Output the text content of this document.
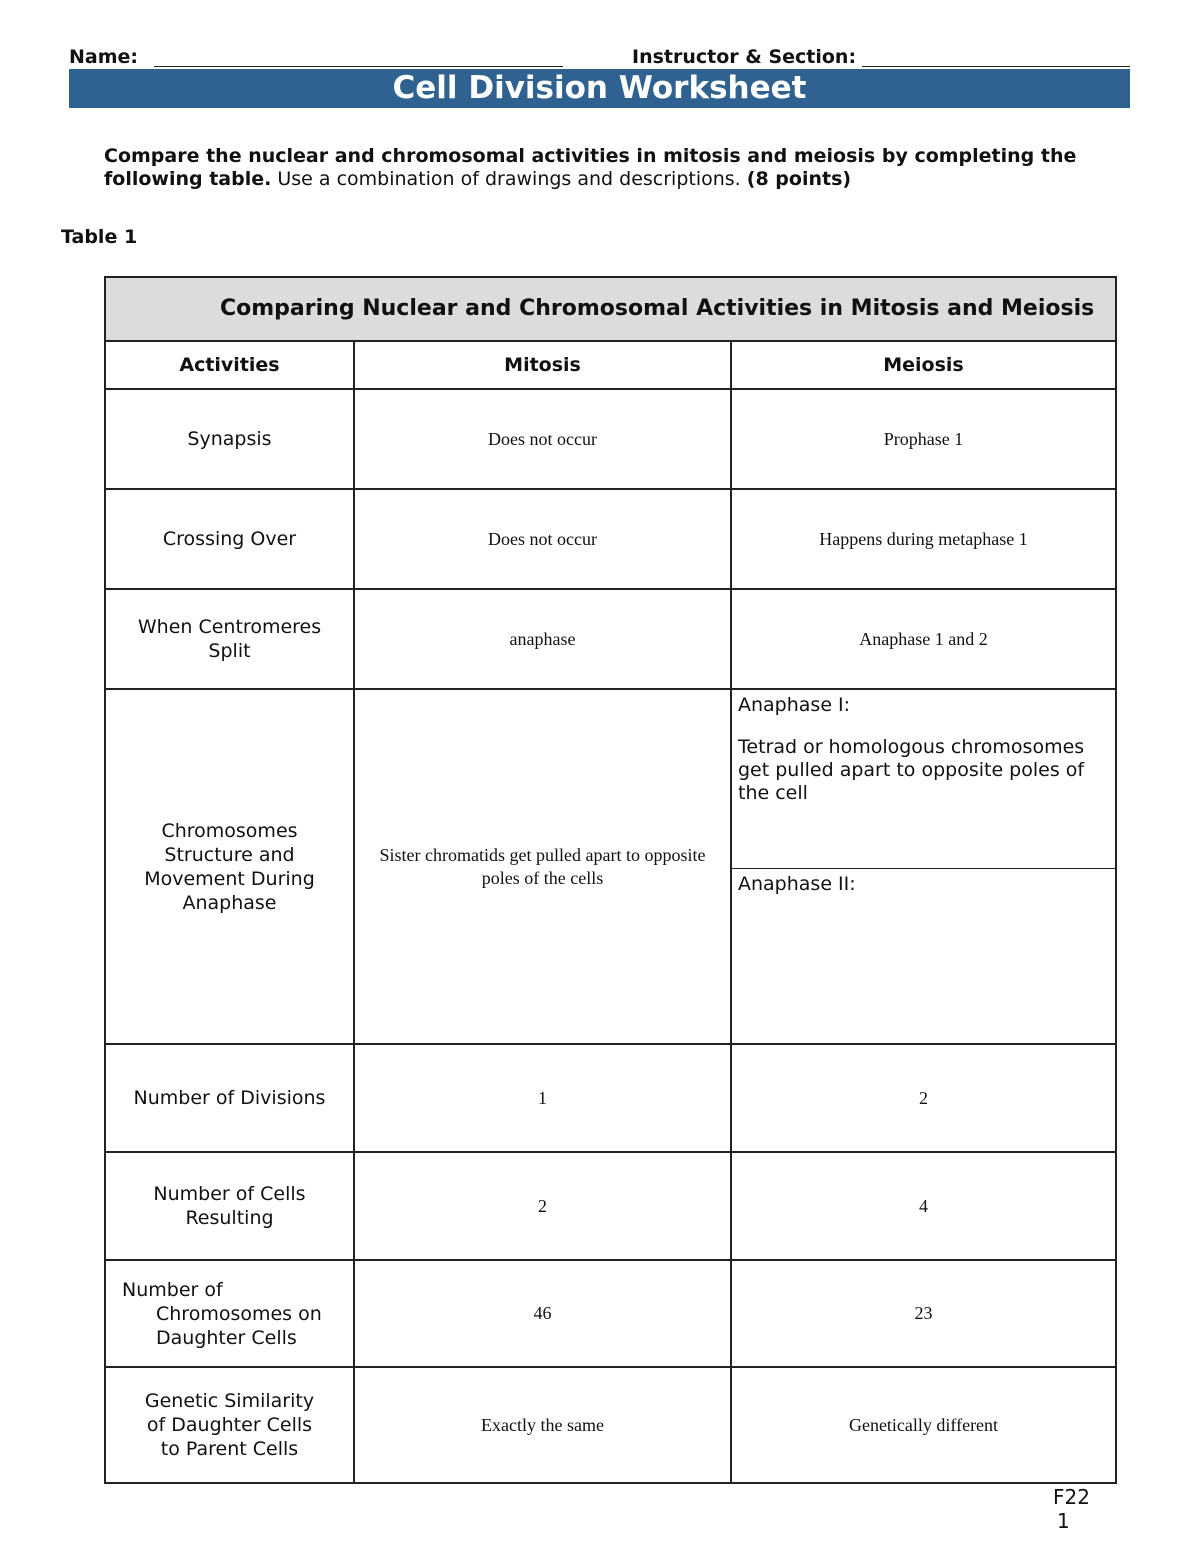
Name:	Instructor & Section:
Cell Division Worksheet
Compare the nuclear and chromosomal activities in mitosis and meiosis by completing the following table. Use a combination of drawings and descriptions. (8 points)
Table 1
Comparing Nuclear and Chromosomal Activities in Mitosis and Meiosis		
Activities	Mitosis	Meiosis
Synapsis	Does not occur	Prophase 1
Crossing Over	Does not occur	Happens during metaphase 1
When Centromeres Split	anaphase	Anaphase 1 and 2
Chromosomes Structure and Movement During Anaphase	Sister chromatids get pulled apart to opposite poles of the cells	Anaphase I:
Tetrad or homologous chromosomes get pulled apart to opposite poles of the cell
Anaphase II:

Number of Divisions	1	2
Number of Cells Resulting	2	4

Number of
Chromosomes on Daughter Cells	46	23
Genetic Similarity of Daughter Cells to Parent Cells	Exactly the same	Genetically different
F22
1
